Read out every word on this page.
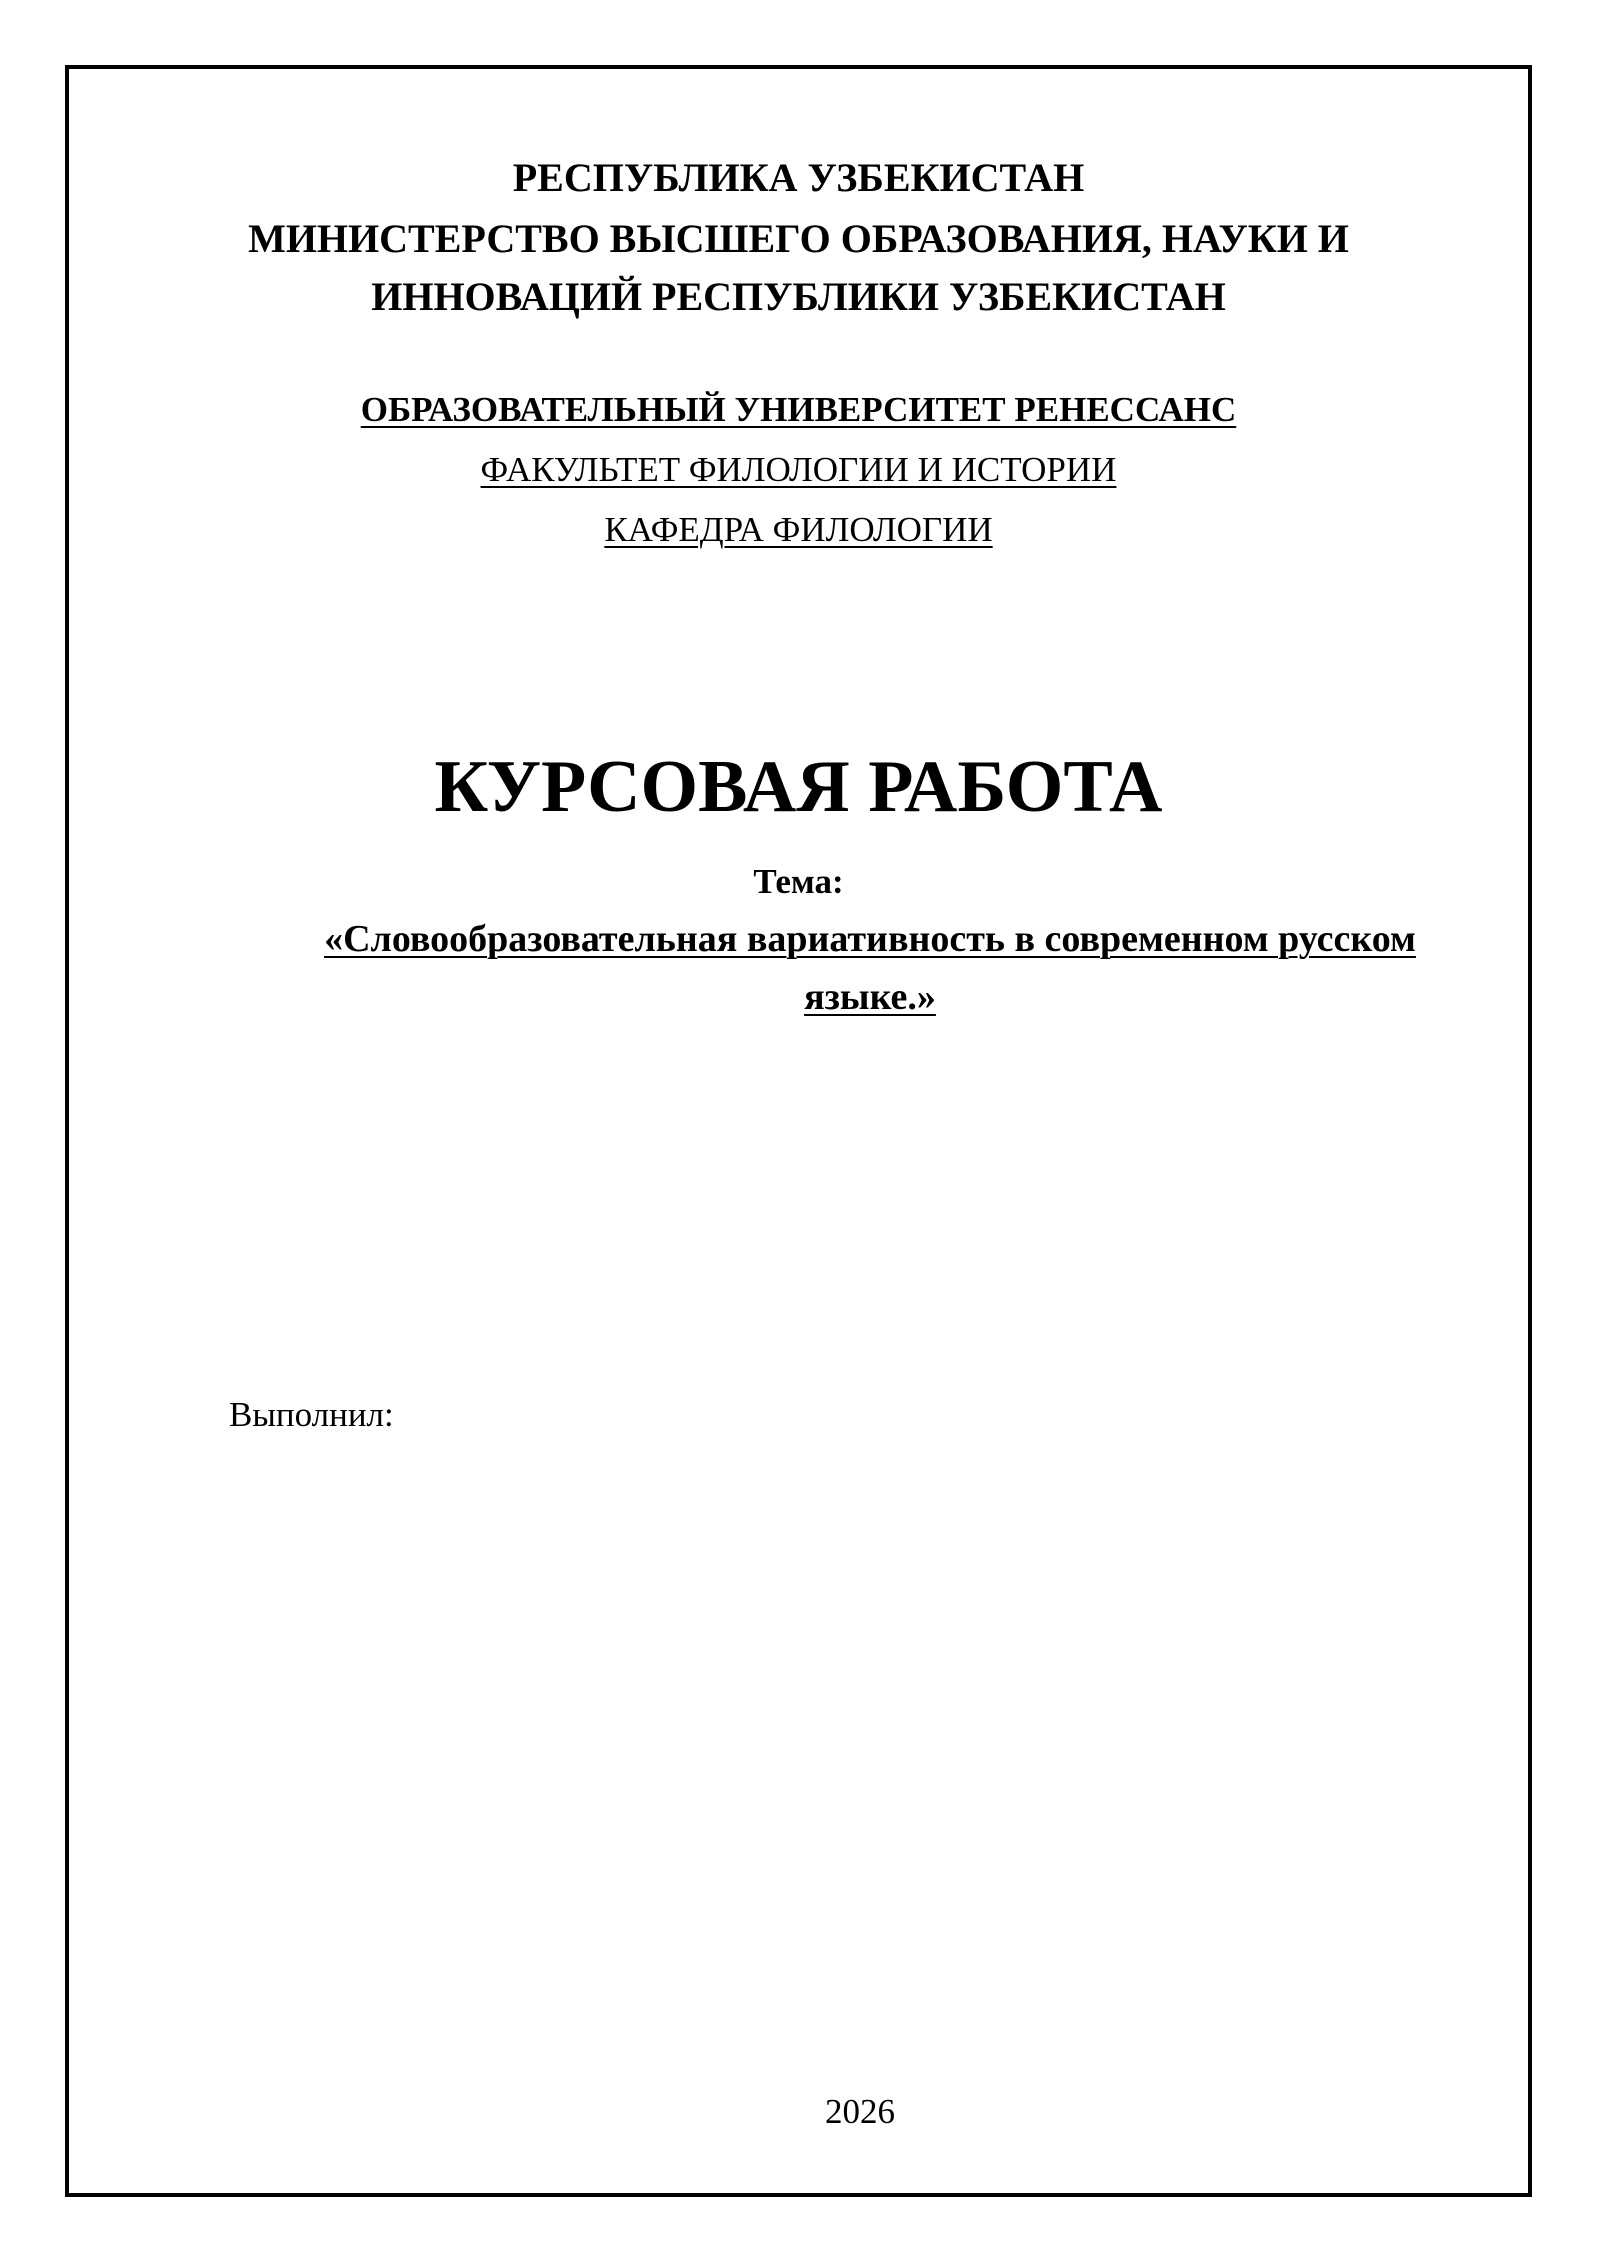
РЕСПУБЛИКА УЗБЕКИСТАН
МИНИСТЕРСТВО ВЫСШЕГО ОБРАЗОВАНИЯ, НАУКИ И
ИННОВАЦИЙ РЕСПУБЛИКИ УЗБЕКИСТАН
ОБРАЗОВАТЕЛЬНЫЙ УНИВЕРСИТЕТ РЕНЕССАНС
ФАКУЛЬТЕТ ФИЛОЛОГИИ И ИСТОРИИ
КАФЕДРА ФИЛОЛОГИИ
КУРСОВАЯ РАБОТА
Тема:
«Словообразовательная вариативность в современном русском
языке.»
Выполнил:
2026
